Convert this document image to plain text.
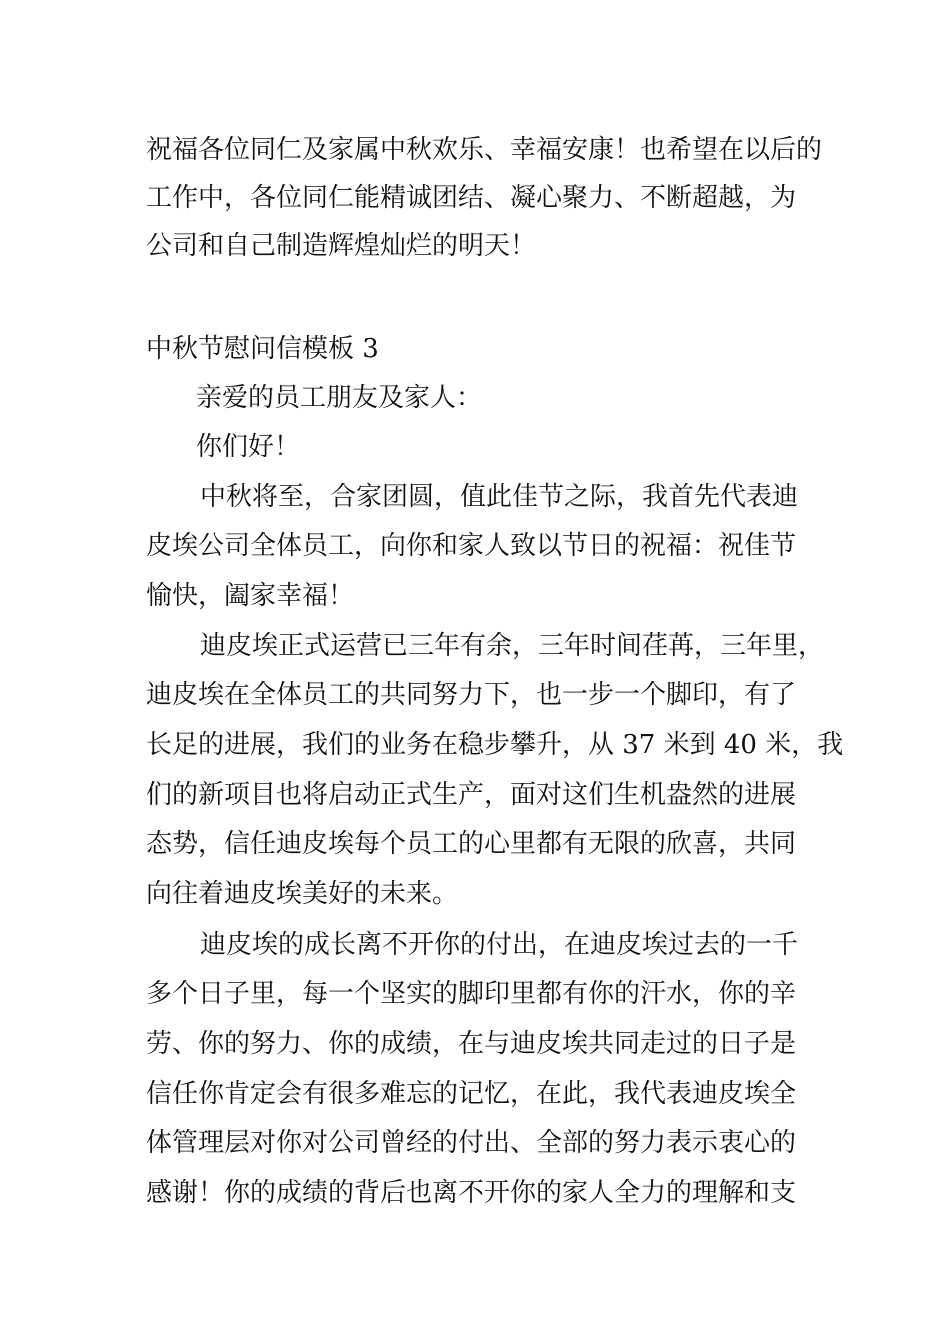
祝福各位同仁及家属中秋欢乐、幸福安康！也希望在以后的
工作中，各位同仁能精诚团结、凝心聚力、不断超越，为
公司和自己制造辉煌灿烂的明天！
中秋节慰问信模板 3
亲爱的员工朋友及家人：
你们好！
中秋将至，合家团圆，值此佳节之际，我首先代表迪
皮埃公司全体员工，向你和家人致以节日的祝福：祝佳节
愉快，阖家幸福！
迪皮埃正式运营已三年有余，三年时间荏苒，三年里，
迪皮埃在全体员工的共同努力下，也一步一个脚印，有了
长足的进展，我们的业务在稳步攀升，从 37 米到 40 米，我
们的新项目也将启动正式生产，面对这们生机盎然的进展
态势，信任迪皮埃每个员工的心里都有无限的欣喜，共同
向往着迪皮埃美好的未来。
迪皮埃的成长离不开你的付出，在迪皮埃过去的一千
多个日子里，每一个坚实的脚印里都有你的汗水，你的辛
劳、你的努力、你的成绩，在与迪皮埃共同走过的日子是
信任你肯定会有很多难忘的记忆，在此，我代表迪皮埃全
体管理层对你对公司曾经的付出、全部的努力表示衷心的
感谢！你的成绩的背后也离不开你的家人全力的理解和支
